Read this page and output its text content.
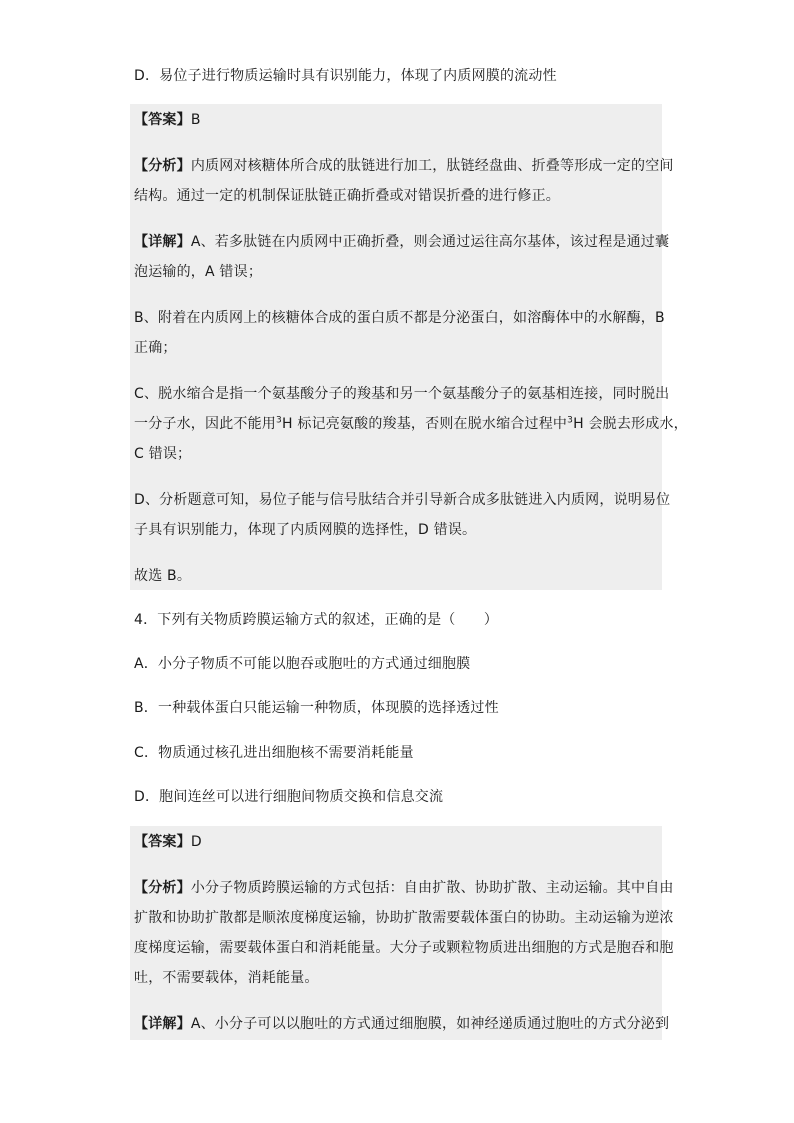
D．易位子进行物质运输时具有识别能力，体现了内质网膜的流动性
【答案】B
【分析】内质网对核糖体所合成的肽链进行加工，肽链经盘曲、折叠等形成一定的空间
结构。通过一定的机制保证肽链正确折叠或对错误折叠的进行修正。
【详解】A、若多肽链在内质网中正确折叠，则会通过运往高尔基体，该过程是通过囊
泡运输的，A 错误；
B、附着在内质网上的核糖体合成的蛋白质不都是分泌蛋白，如溶酶体中的水解酶，B
正确；
C、脱水缩合是指一个氨基酸分子的羧基和另一个氨基酸分子的氨基相连接，同时脱出
一分子水，因此不能用$^3$H 标记亮氨酸的羧基，否则在脱水缩合过程中$^3$H 会脱去形成水，
C 错误；
D、分析题意可知，易位子能与信号肽结合并引导新合成多肽链进入内质网，说明易位
子具有识别能力，体现了内质网膜的选择性，D 错误。
故选 B。
4．下列有关物质跨膜运输方式的叙述，正确的是（　　）
A．小分子物质不可能以胞吞或胞吐的方式通过细胞膜
B．一种载体蛋白只能运输一种物质，体现膜的选择透过性
C．物质通过核孔进出细胞核不需要消耗能量
D．胞间连丝可以进行细胞间物质交换和信息交流
【答案】D
【分析】小分子物质跨膜运输的方式包括：自由扩散、协助扩散、主动运输。其中自由
扩散和协助扩散都是顺浓度梯度运输，协助扩散需要载体蛋白的协助。主动运输为逆浓
度梯度运输，需要载体蛋白和消耗能量。大分子或颗粒物质进出细胞的方式是胞吞和胞
吐，不需要载体，消耗能量。
【详解】A、小分子可以以胞吐的方式通过细胞膜，如神经递质通过胞吐的方式分泌到
